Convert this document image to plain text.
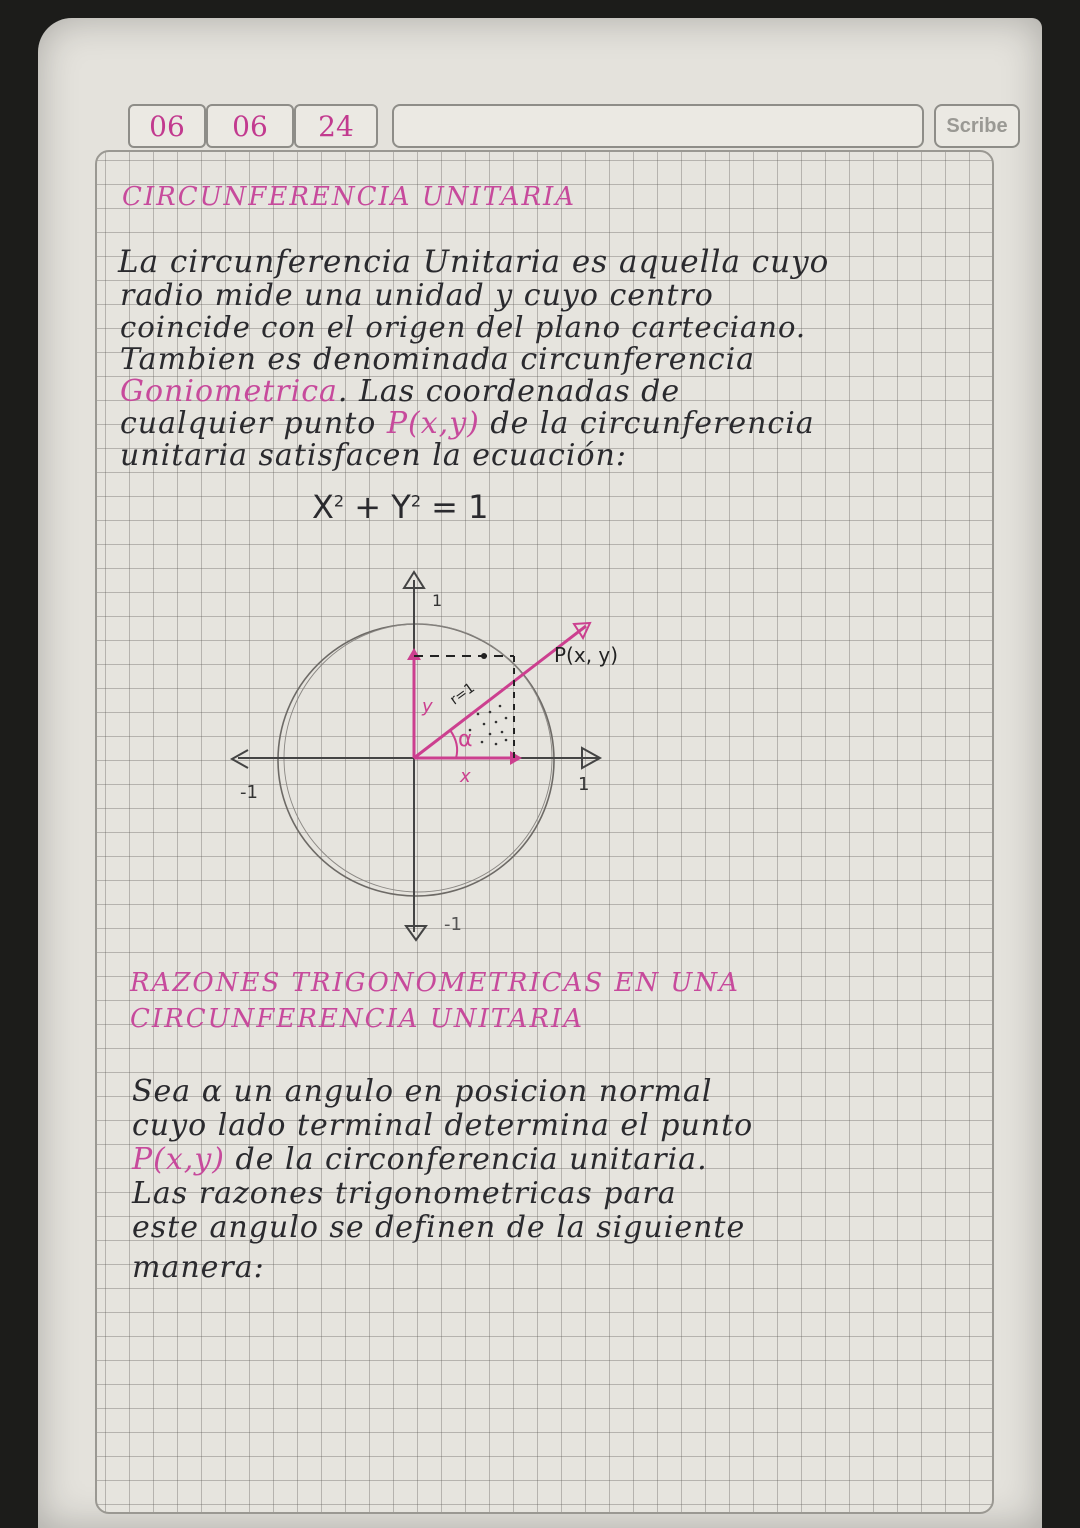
06	06	24	Scribe
CIRCUNFERENCIA UNITARIA
La circunferencia Unitaria es aquella cuyo
radio mide una unidad y cuyo centro
coincide con el origen del plano carteciano.
Tambien es denominada circunferencia
Goniometrica. Las coordenadas de
cualquier punto P(x,y) de la circunferencia
unitaria satisfacen la ecuación:
$X^2 + Y^2 = 1$
1
-1
-1	1
P(x, y)
x
y r=1
α
RAZONES TRIGONOMETRICAS EN UNA
CIRCUNFERENCIA UNITARIA
Sea α un angulo en posicion normal
cuyo lado terminal determina el punto
P(x,y) de la circonferencia unitaria.
Las razones trigonometricas para
este angulo se definen de la siguiente
manera:
